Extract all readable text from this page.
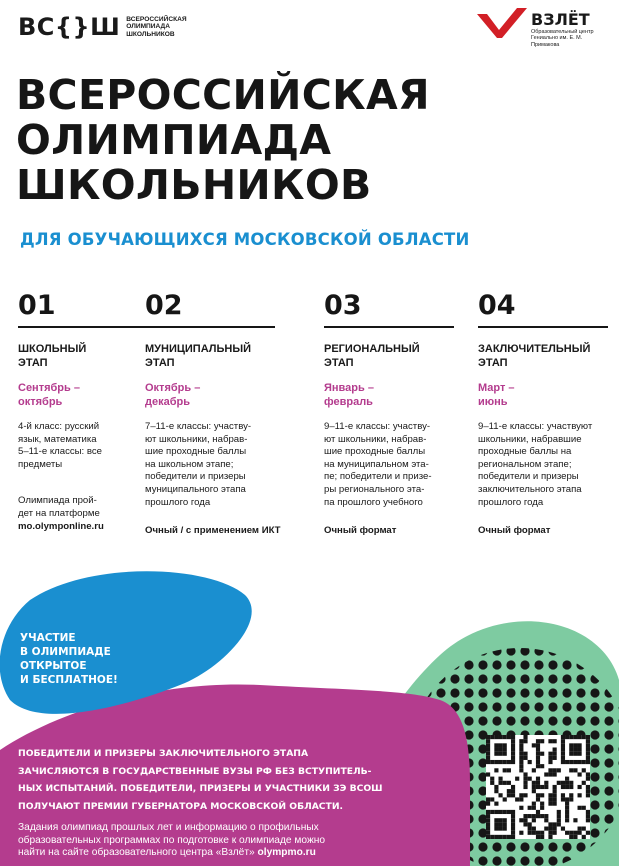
ВС{}Ш ВСЕРОССИЙСКАЯ ОЛИМПИАДА ШКОЛЬНИКОВ
ВЗЛЁТ
Образовательный центр Гениально им. Е. М. Примакова
ВСЕРОССИЙСКАЯ
ОЛИМПИАДА
ШКОЛЬНИКОВ
ДЛЯ ОБУЧАЮЩИХСЯ МОСКОВСКОЙ ОБЛАСТИ
01
ШКОЛЬНЫЙ
ЭТАП
Сентябрь –
октябрь
4-й класс: русский
язык, математика
5–11-е классы: все
предметы
Олимпиада прой-
дет на платформе
mo.olymponline.ru
02
МУНИЦИПАЛЬНЫЙ
ЭТАП
Октябрь –
декабрь
7–11-е классы: участву-
ют школьники, набрав-
шие проходные баллы
на школьном этапе;
победители и призеры
муниципального этапа
прошлого года
Очный / с применением ИКТ
03
РЕГИОНАЛЬНЫЙ
ЭТАП
Январь –
февраль
9–11-е классы: участву-
ют школьники, набрав-
шие проходные баллы
на муниципальном эта-
пе; победители и призе-
ры регионального эта-
па прошлого учебного
Очный формат
04
ЗАКЛЮЧИТЕЛЬНЫЙ
ЭТАП
Март –
июнь
9–11-е классы: участвуют
школьники, набравшие
проходные баллы на
региональном этапе;
победители и призеры
заключительного этапа
прошлого года
Очный формат
УЧАСТИЕ
В ОЛИМПИАДЕ
ОТКРЫТОЕ
И БЕСПЛАТНОЕ!
ПОБЕДИТЕЛИ И ПРИЗЕРЫ ЗАКЛЮЧИТЕЛЬНОГО ЭТАПА
ЗАЧИСЛЯЮТСЯ В ГОСУДАРСТВЕННЫЕ ВУЗЫ РФ БЕЗ ВСТУПИТЕЛЬ-
НЫХ ИСПЫТАНИЙ. ПОБЕДИТЕЛИ, ПРИЗЕРЫ И УЧАСТНИКИ ЗЭ ВСОШ
ПОЛУЧАЮТ ПРЕМИИ ГУБЕРНАТОРА МОСКОВСКОЙ ОБЛАСТИ.
Задания олимпиад прошлых лет и информацию о профильных
образовательных программах по подготовке к олимпиаде можно
найти на сайте образовательного центра «Взлёт» olympmo.ru
